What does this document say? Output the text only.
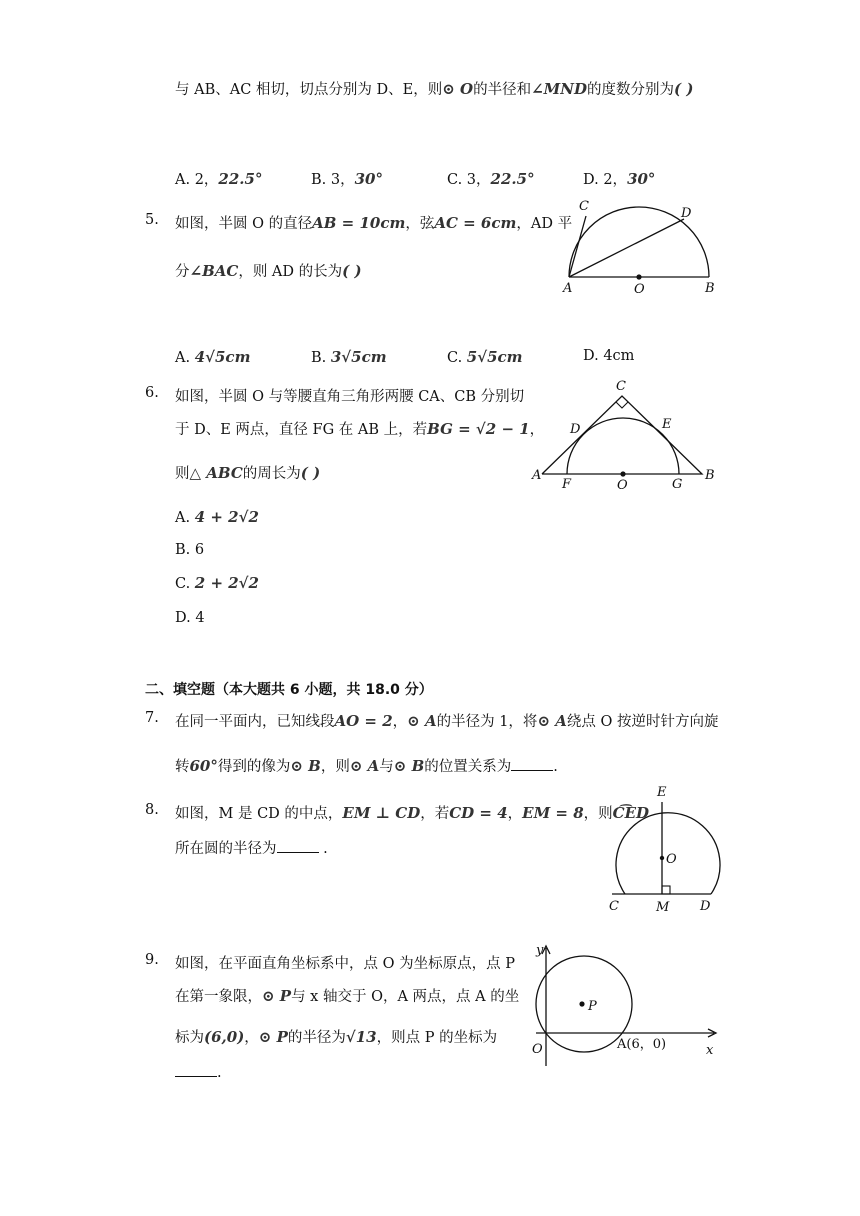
与 AB、AC 相切，切点分别为 D、E，则⊙ O的半径和∠MND的度数分别为( )
A. 2，22.5°	B. 3，30°	C. 3，22.5°	D. 2，30°
5. 如图，半圆 O 的直径AB = 10cm，弦AC = 6cm，AD 平
分∠BAC，则 AD 的长为( )
C	D
A	O	B
A. 4√5cm	B. 3√5cm	C. 5√5cm	D. 4cm
6. 如图，半圆 O 与等腰直角三角形两腰 CA、CB 分别切
于 D、E 两点，直径 FG 在 AB 上，若BG = √2 − 1，
则△ ABC的周长为( )
C
D	E
A
F	O	G
B
A. 4 + 2√2
B. 6
C. 2 + 2√2
D. 4
二、填空题（本大题共 6 小题，共 18.0 分）
7. 在同一平面内，已知线段AO = 2，⊙ A的半径为 1，将⊙ A绕点 O 按逆时针方向旋
转60°得到的像为⊙ B，则⊙ A与⊙ B的位置关系为	.
8. 如图，M 是 CD 的中点，EM ⊥ CD，若CD = 4，EM = 8，则C͡ED
所在圆的半径为	.
E
O
C	M D
9. 如图，在平面直角坐标系中，点 O 为坐标原点，点 P
在第一象限，⊙ P与 x 轴交于 O，A 两点，点 A 的坐
标为(6,0)，⊙ P的半径为√13，则点 P 的坐标为
.
y
P
O	A(6，0)	x
